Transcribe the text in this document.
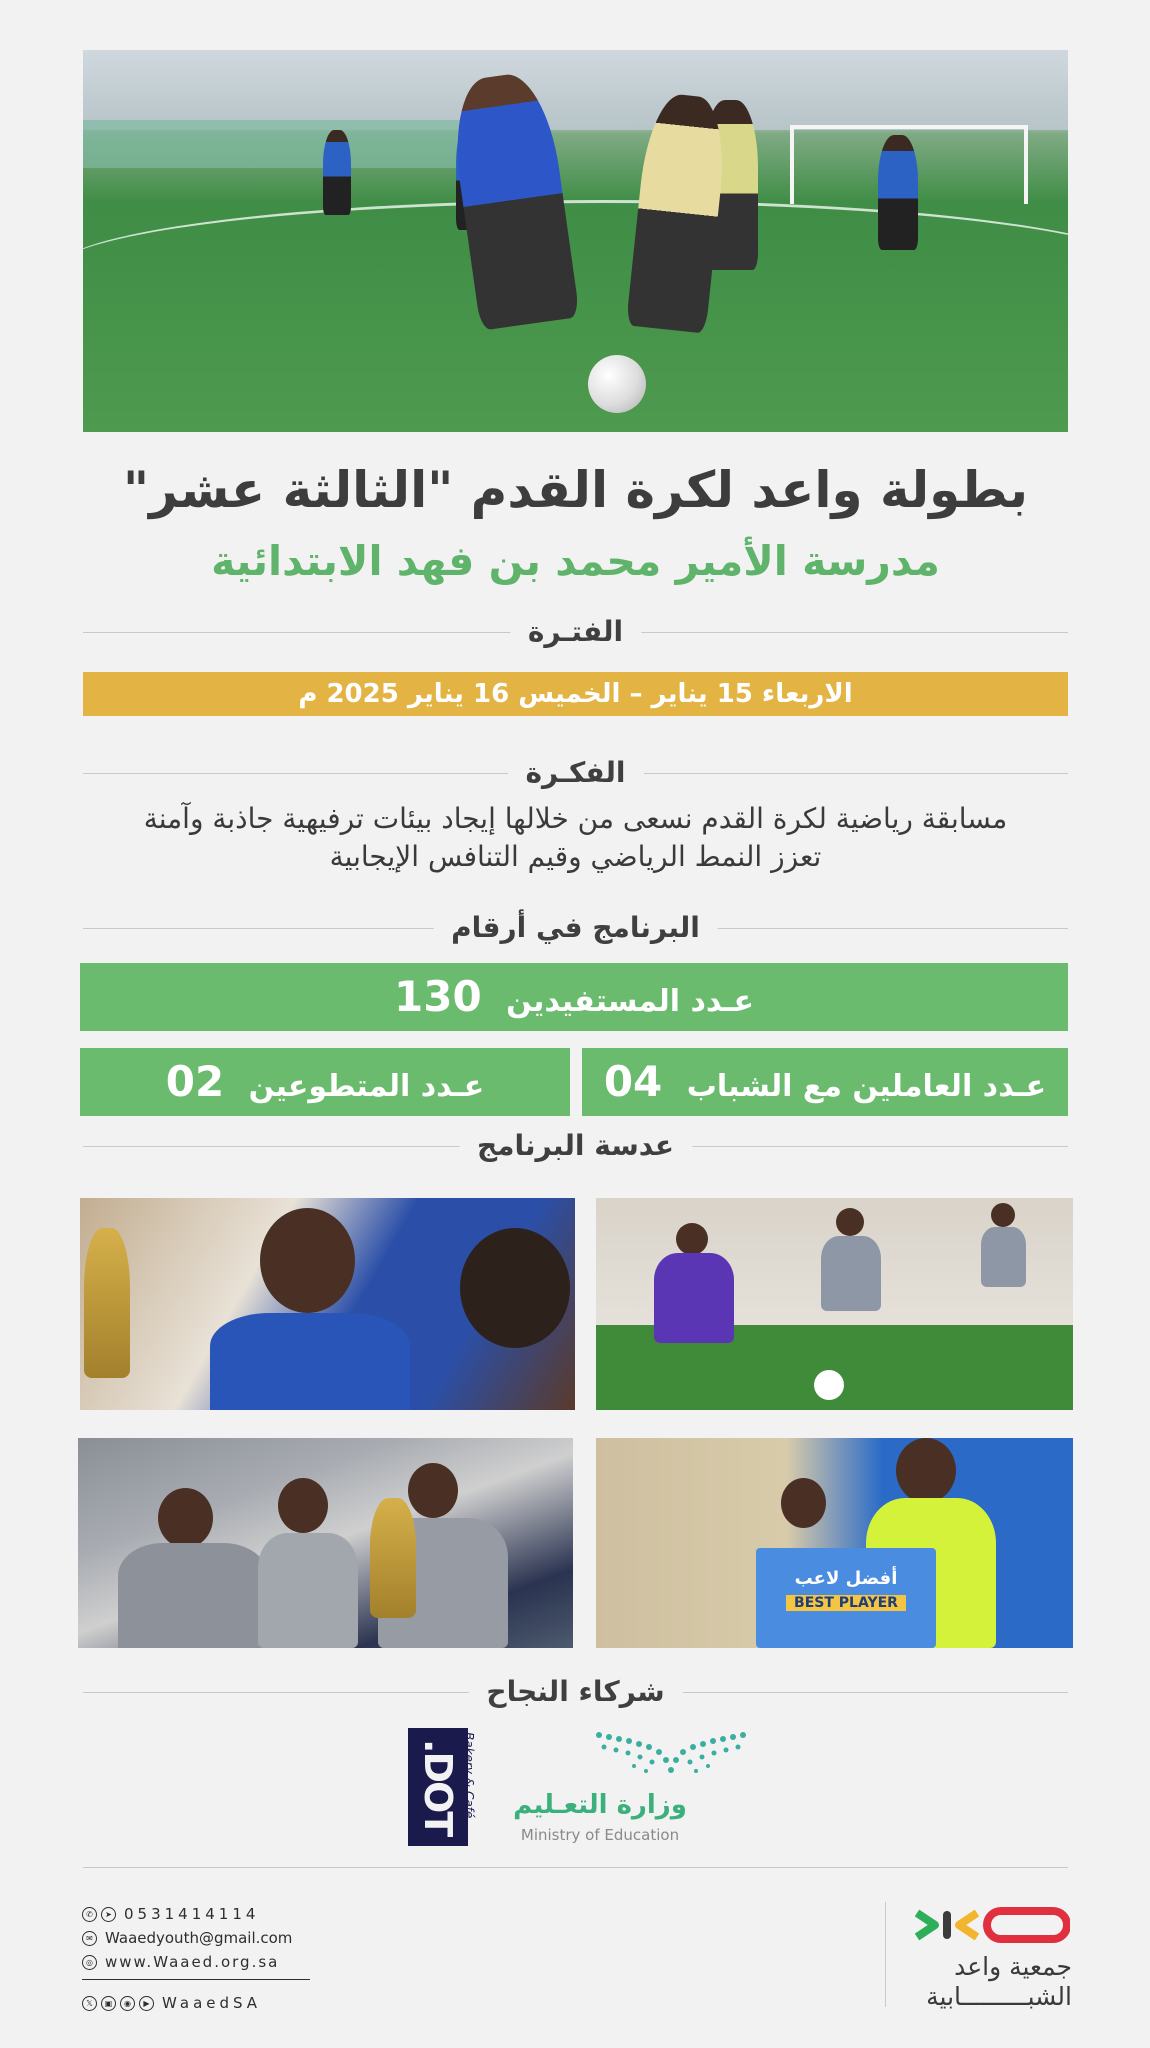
بطولة واعد لكرة القدم "الثالثة عشر"
مدرسة الأمير محمد بن فهد الابتدائية
الفتـرة
الاربعاء 15 يناير – الخميس 16 يناير 2025 م
الفكـرة
مسابقة رياضية لكرة القدم نسعى من خلالها إيجاد بيئات ترفيهية جاذبة وآمنة
تعزز النمط الرياضي وقيم التنافس الإيجابية
البرنامج في أرقام
عـدد المستفيدين 130
عـدد العاملين مع الشباب 04
عـدد المتطوعين 02
عدسة البرنامج
أفضل لاعب
BEST PLAYER
شركاء النجاح
DOT. Bakery & Café	وزارة التعـليم
Ministry of Education
✆	➤ 0531414114
✉ Waaedyouth@gmail.com
◎ www.Waaed.org.sa
𝕏	▣	◉	▶ WaaedSA
جمعية واعد
الشبـــــــــابية
